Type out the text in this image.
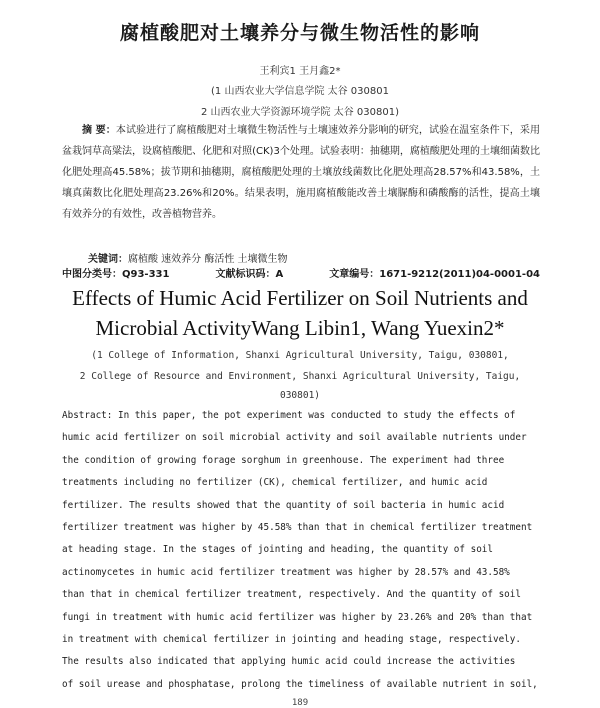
腐植酸肥对土壤养分与微生物活性的影响
王利宾1 王月鑫2*
(1 山西农业大学信息学院 太谷 030801
2 山西农业大学资源环境学院 太谷 030801)
摘 要：本试验进行了腐植酸肥对土壤微生物活性与土壤速效养分影响的研究，试验在温室条件下，采用盆栽饲草高粱法，设腐植酸肥、化肥和对照(CK)3个处理。试验表明：抽穗期，腐植酸肥处理的土壤细菌数比化肥处理高45.58%；拔节期和抽穗期，腐植酸肥处理的土壤放线菌数比化肥处理高28.57%和43.58%，土壤真菌数比化肥处理高23.26%和20%。结果表明，施用腐植酸能改善土壤脲酶和磷酸酶的活性，提高土壤有效养分的有效性，改善植物营养。
关键词：腐植酸 速效养分 酶活性 土壤微生物
中图分类号：Q93-331	文献标识码：A	文章编号：1671-9212(2011)04-0001-04
Effects of Humic Acid Fertilizer on Soil Nutrients and
Microbial ActivityWang Libin1, Wang Yuexin2*
(1 College of Information, Shanxi Agricultural University, Taigu, 030801,
2 College of Resource and Environment, Shanxi Agricultural University, Taigu,
030801)
Abstract: In this paper, the pot experiment was conducted to study the effects of
humic acid fertilizer on soil microbial activity and soil available nutrients under
the condition of growing forage sorghum in greenhouse. The experiment had three
treatments including no fertilizer (CK), chemical fertilizer, and humic acid
fertilizer. The results showed that the quantity of soil bacteria in humic acid
fertilizer treatment was higher by 45.58% than that in chemical fertilizer treatment
at heading stage. In the stages of jointing and heading, the quantity of soil
actinomycetes in humic acid fertilizer treatment was higher by 28.57% and 43.58%
than that in chemical fertilizer treatment, respectively. And the quantity of soil
fungi in treatment with humic acid fertilizer was higher by 23.26% and 20% than that
in treatment with chemical fertilizer in jointing and heading stage, respectively.
The results also indicated that applying humic acid could increase the activities
of soil urease and phosphatase, prolong the timeliness of available nutrient in soil,
189
